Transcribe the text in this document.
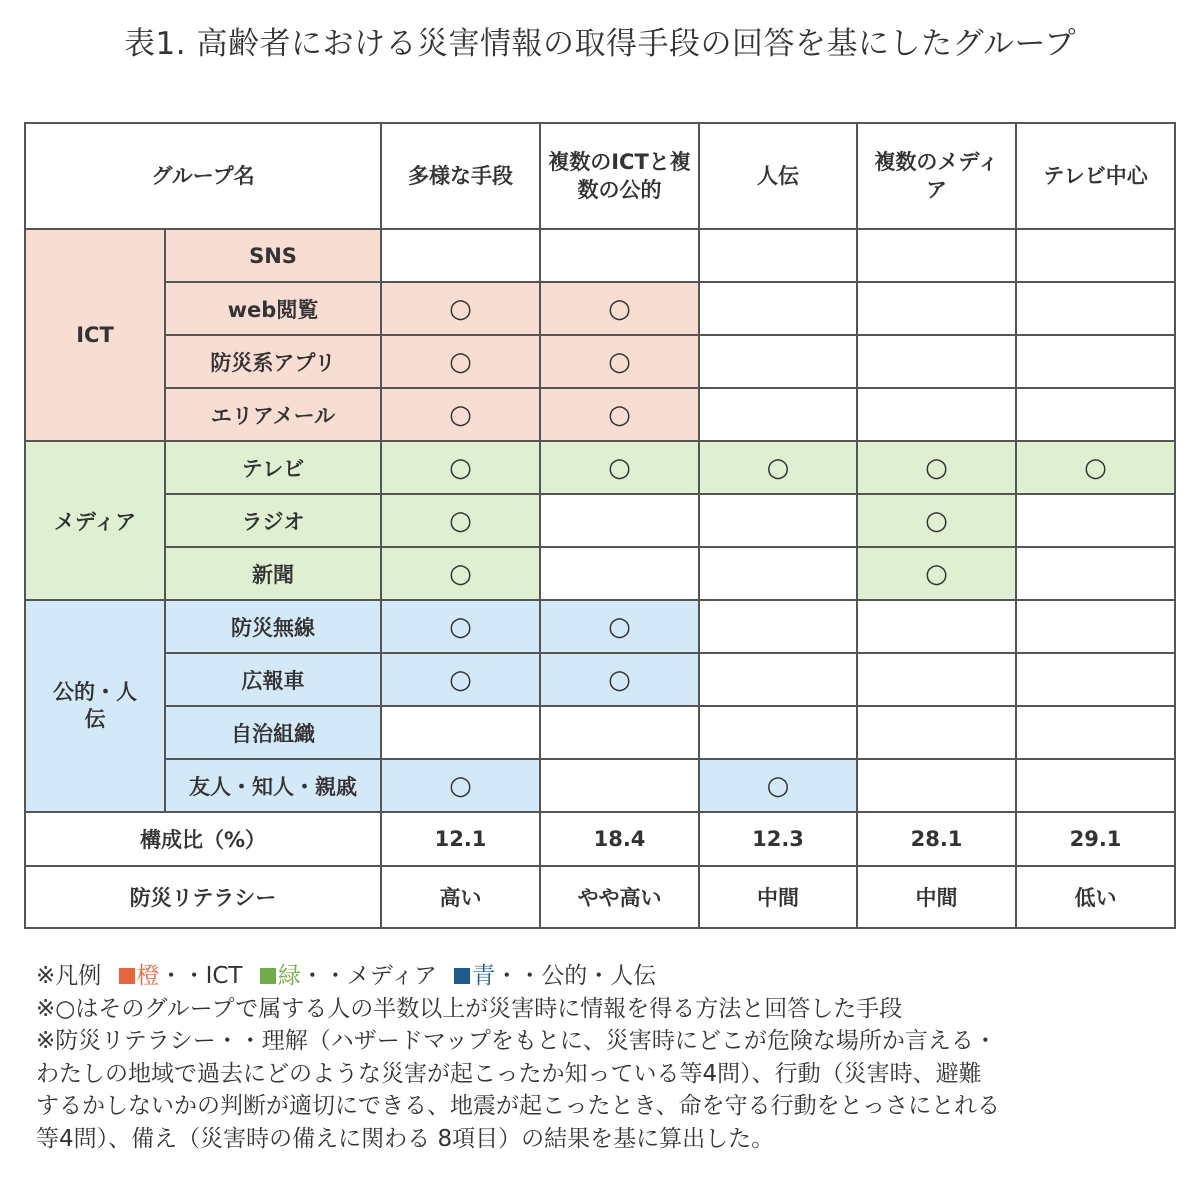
表1. 高齢者における災害情報の取得手段の回答を基にしたグループ
グループ名		多様な手段	複数のICTと複数の公的	人伝	複数のメディア	テレビ中心
ICT	SNS					
	web閲覧	○	○			
	防災系アプリ	○	○			
	エリアメール	○	○			
メディア	テレビ	○	○	○	○	○
	ラジオ	○			○	
	新聞	○			○	
公的・人伝	防災無線	○	○			
	広報車	○	○			
	自治組織					
	友人・知人・親戚	○		○		
構成比（%）		12.1	18.4	12.3	28.1	29.1
防災リテラシー		高い	やや高い	中間	中間	低い
※凡例 橙・・ICT 緑・・メディア 青・・公的・人伝
※○はそのグループで属する人の半数以上が災害時に情報を得る方法と回答した手段
※防災リテラシー・・理解（ハザードマップをもとに、災害時にどこが危険な場所か言える・
わたしの地域で過去にどのような災害が起こったか知っている等4問）、行動（災害時、避難
するかしないかの判断が適切にできる、地震が起こったとき、命を守る行動をとっさにとれる
等4問）、備え（災害時の備えに関わる 8項目）の結果を基に算出した。
